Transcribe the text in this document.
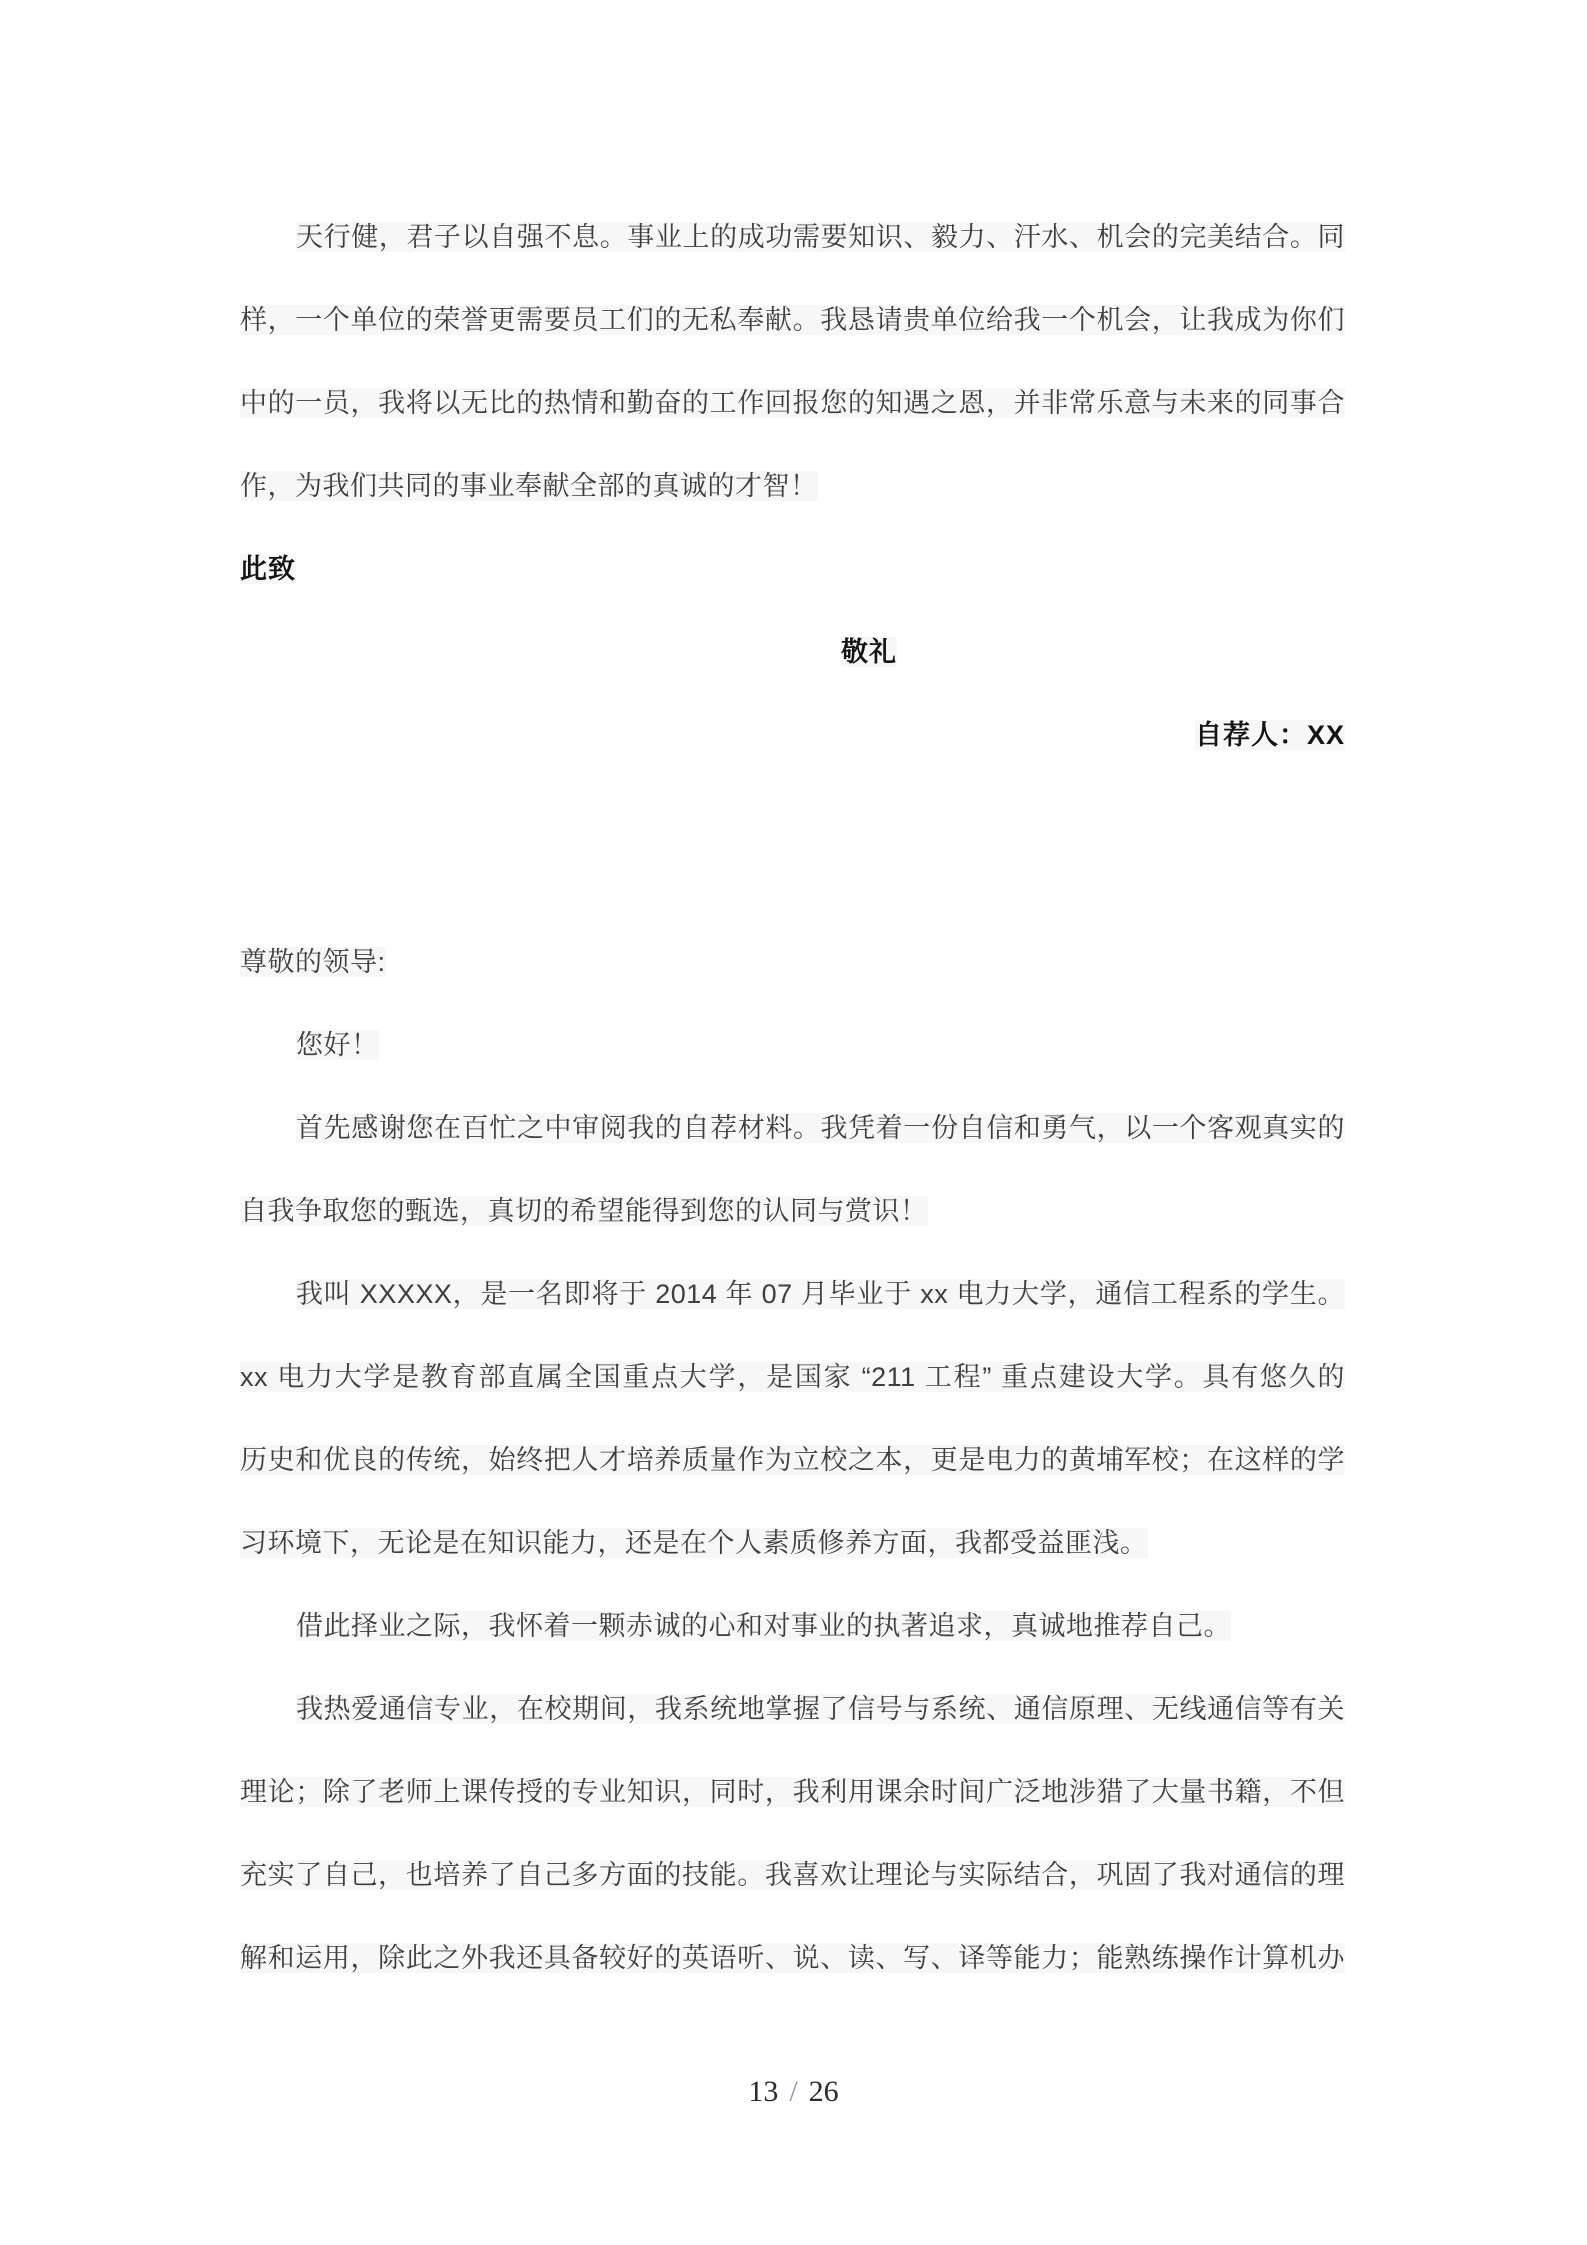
天行健，君子以自强不息。事业上的成功需要知识、毅力、汗水、机会的完美结合。同
样，一个单位的荣誉更需要员工们的无私奉献。我恳请贵单位给我一个机会，让我成为你们
中的一员，我将以无比的热情和勤奋的工作回报您的知遇之恩，并非常乐意与未来的同事合
作，为我们共同的事业奉献全部的真诚的才智！
此致
敬礼
自荐人：XX
尊敬的领导:
您好！
首先感谢您在百忙之中审阅我的自荐材料。我凭着一份自信和勇气，以一个客观真实的
自我争取您的甄选，真切的希望能得到您的认同与赏识！
我叫 XXXXX，是一名即将于 2014 年 07 月毕业于 xx 电力大学，通信工程系的学生。
xx 电力大学是教育部直属全国重点大学，是国家 “211 工程” 重点建设大学。具有悠久的
历史和优良的传统，始终把人才培养质量作为立校之本，更是电力的黄埔军校；在这样的学
习环境下，无论是在知识能力，还是在个人素质修养方面，我都受益匪浅。
借此择业之际，我怀着一颗赤诚的心和对事业的执著追求，真诚地推荐自己。
我热爱通信专业，在校期间，我系统地掌握了信号与系统、通信原理、无线通信等有关
理论；除了老师上课传授的专业知识，同时，我利用课余时间广泛地涉猎了大量书籍，不但
充实了自己，也培养了自己多方面的技能。我喜欢让理论与实际结合，巩固了我对通信的理
解和运用，除此之外我还具备较好的英语听、说、读、写、译等能力；能熟练操作计算机办
13 / 26
